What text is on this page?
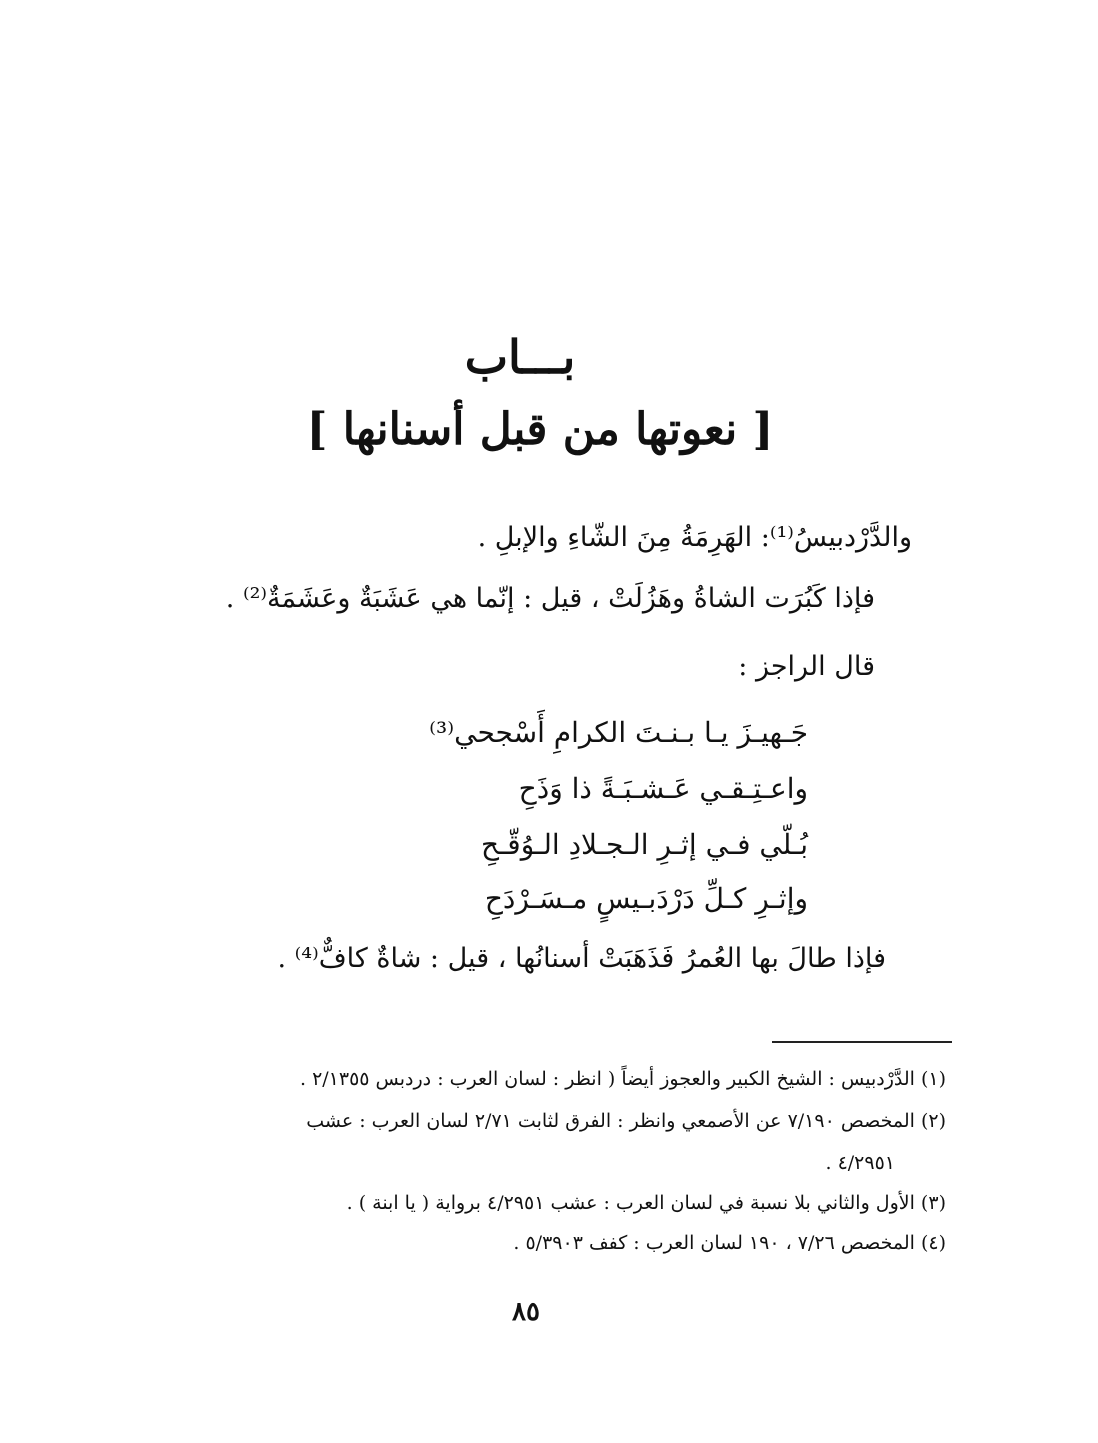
بـــاب
[ نعوتها من قبل أسنانها ]
والدَّرْدبيسُ⁽¹⁾: الهَرِمَةُ مِنَ الشّاءِ والإبلِ .
فإذا كَبُرَت الشاةُ وهَزُلَتْ ، قيل : إنّما هي عَشَبَةٌ وعَشَمَةٌ⁽²⁾ .
قال الراجز :
جَـهيـزَ يـا بـنـتَ الكرامِ أَسْجحي⁽³⁾
واعـتِـقـي عَـشـبَـةً ذا وَذَحِ
بُـلّي فـي إثـرِ الـجـلادِ الـوُقّـحِ
وإثـرِ كـلِّ دَرْدَبـيسٍ مـسَـرْدَحِ
فإذا طالَ بها العُمرُ فَذَهَبَتْ أسنانُها ، قيل : شاةٌ كافٌّ⁽⁴⁾ .
(١) الدَّرْدبيس : الشيخ الكبير والعجوز أيضاً ( انظر : لسان العرب : دردبس ٢/١٣٥٥ .
(٢) المخصص ٧/١٩٠ عن الأصمعي وانظر : الفرق لثابت ٢/٧١ لسان العرب : عشب
٤/٢٩٥١ .
(٣) الأول والثاني بلا نسبة في لسان العرب : عشب ٤/٢٩٥١ برواية ( يا ابنة ) .
(٤) المخصص ٧/٢٦ ، ١٩٠ لسان العرب : كفف ٥/٣٩٠٣ .
٨٥
